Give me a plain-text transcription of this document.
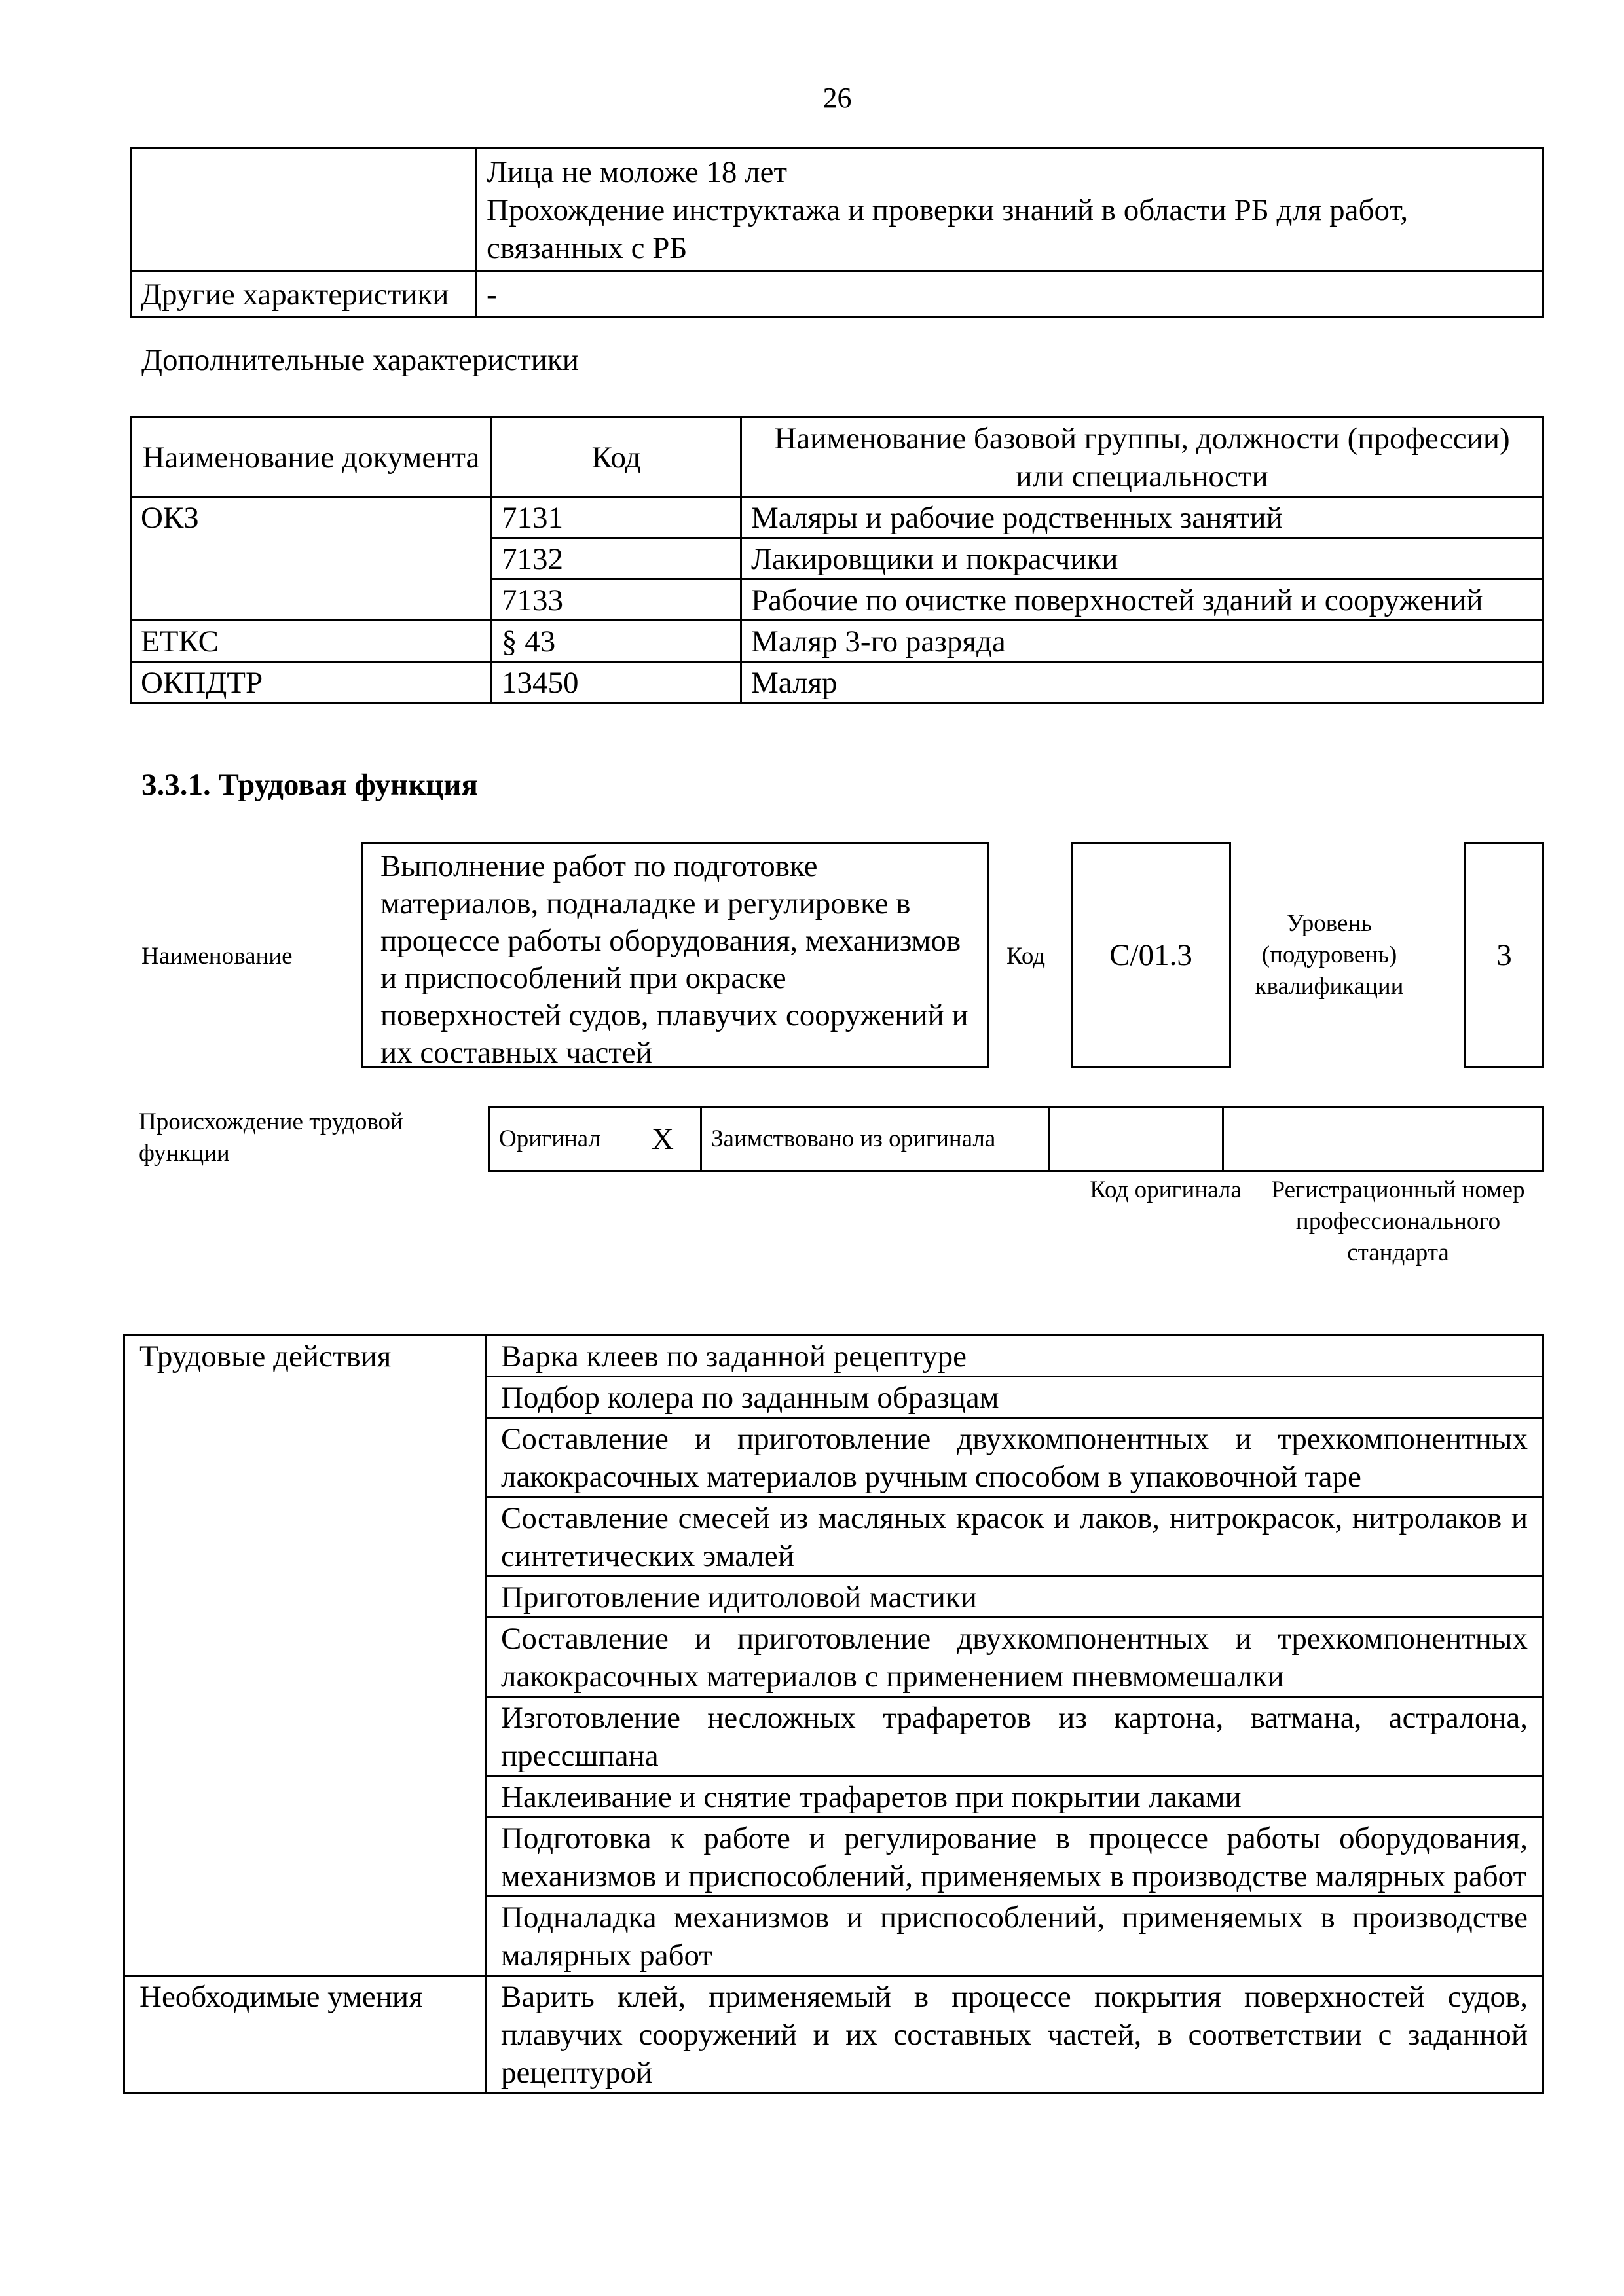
26

	Лица не моложе 18 лет
Прохождение инструктажа и проверки знаний в области РБ для работ, связанных с РБ

Другие характеристики	-
Дополнительные характеристики
Наименование документа	Код	Наименование базовой группы, должности (профессии) или специальности
ОКЗ	7131	Маляры и рабочие родственных занятий
	7132	Лакировщики и покрасчики
	7133	Рабочие по очистке поверхностей зданий и сооружений
ЕТКС	§ 43	Маляр 3-го разряда
ОКПДТР	13450	Маляр
3.3.1. Трудовая функция
Наименование
Выполнение работ по подготовке материалов, подналадке и регулировке в процессе работы оборудования, механизмов и приспособлений при окраске поверхностей судов, плавучих сооружений и их составных частей
Код	C/01.3
Уровень (подуровень) квалификации
3
Происхождение трудовой функции
Оригинал	X	Заимствовано из оригинала		
Код оригинала	Регистрационный номер профессионального стандарта
Трудовые действия	Варка клеев по заданной рецептуре
	Подбор колера по заданным образцам
	Составление и приготовление двухкомпонентных и трехкомпонентных лакокрасочных материалов ручным способом в упаковочной таре
	Составление смесей из масляных красок и лаков, нитрокрасок, нитролаков и синтетических эмалей
	Приготовление идитоловой мастики
	Составление и приготовление двухкомпонентных и трехкомпонентных лакокрасочных материалов с применением пневмомешалки
	Изготовление несложных трафаретов из картона, ватмана, астралона, прессшпана
	Наклеивание и снятие трафаретов при покрытии лаками
	Подготовка к работе и регулирование в процессе работы оборудования, механизмов и приспособлений, применяемых в производстве малярных работ
	Подналадка механизмов и приспособлений, применяемых в производстве малярных работ
Необходимые умения	Варить клей, применяемый в процессе покрытия поверхностей судов, плавучих сооружений и их составных частей, в соответствии с заданной рецептурой
